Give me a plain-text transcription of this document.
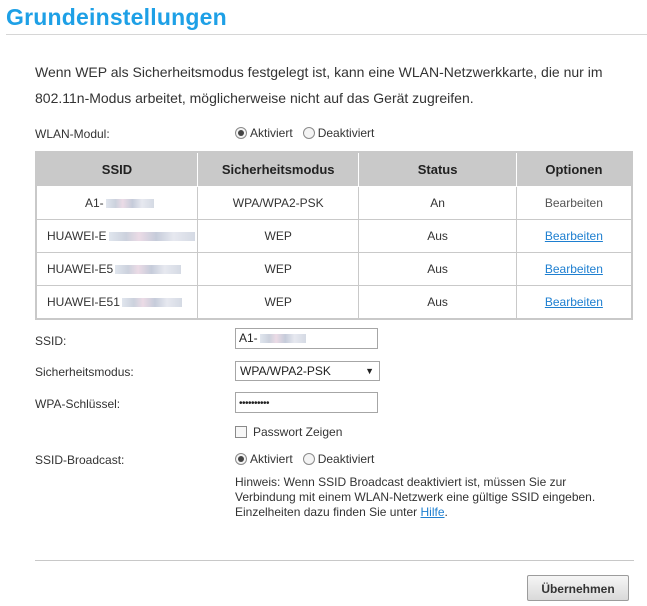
Grundeinstellungen
Wenn WEP als Sicherheitsmodus festgelegt ist, kann eine WLAN-Netzwerkkarte, die nur im 802.11n-Modus arbeitet, möglicherweise nicht auf das Gerät zugreifen.
WLAN-Modul:	Aktiviert Deaktiviert
SSID	Sicherheitsmodus	Status	Optionen
A1-	WPA/WPA2-PSK	An	Bearbeiten
HUAWEI-E	WEP	Aus	Bearbeiten
HUAWEI-E5	WEP	Aus	Bearbeiten
HUAWEI-E51	WEP	Aus	Bearbeiten
SSID:	A1-
Sicherheitsmodus:	WPA/WPA2-PSK	▼
WPA-Schlüssel:	••••••••••
Passwort Zeigen
SSID-Broadcast:	Aktiviert Deaktiviert
Hinweis: Wenn SSID Broadcast deaktiviert ist, müssen Sie zur Verbindung mit einem WLAN-Netzwerk eine gültige SSID eingeben. Einzelheiten dazu finden Sie unter Hilfe.
Übernehmen
